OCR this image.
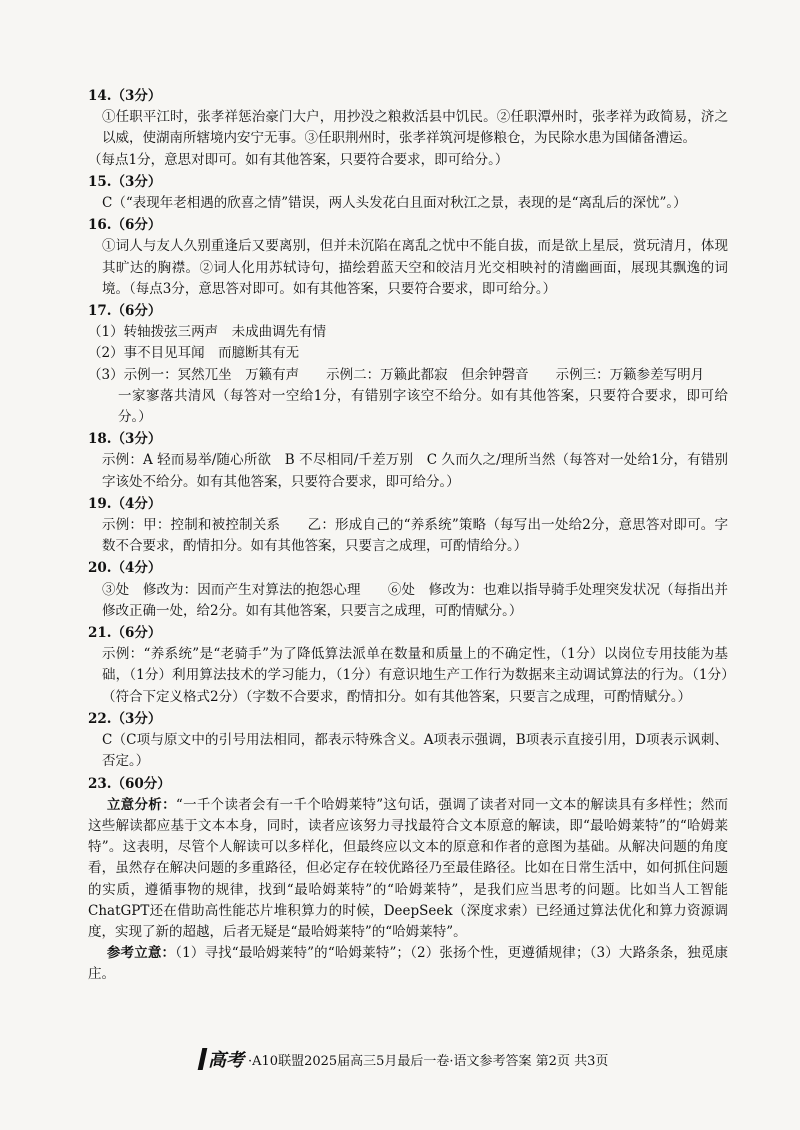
14.（3分）

①任职平江时，张孝祥惩治豪门大户，用抄没之粮救活县中饥民。②任职潭州时，张孝祥为政简易，济之以威，使湖南所辖境内安宁无事。③任职荆州时，张孝祥筑河堤修粮仓，为民除水患为国储备漕运。

（每点1分，意思对即可。如有其他答案，只要符合要求，即可给分。）

15.（3分）

C（“表现年老相遇的欣喜之情”错误，两人头发花白且面对秋江之景，表现的是“离乱后的深忧”。）

16.（6分）

①词人与友人久别重逢后又要离别，但并未沉陷在离乱之忧中不能自拔，而是欲上星辰，赏玩清月，体现其旷达的胸襟。②词人化用苏轼诗句，描绘碧蓝天空和皎洁月光交相映衬的清幽画面，展现其飘逸的词境。（每点3分，意思答对即可。如有其他答案，只要符合要求，即可给分。）

17.（6分）

（1）转轴拨弦三两声　未成曲调先有情

（2）事不目见耳闻　而臆断其有无

（3） 示例一：冥然兀坐　万籁有声　　示例二：万籁此都寂　但余钟磬音　　示例三：万籁参差写明月

一家寥落共清风（每答对一空给1分，有错别字该空不给分。如有其他答案，只要符合要求，即可给分。）

18.（3分）

示例：A 轻而易举/随心所欲　B 不尽相同/千差万别　C 久而久之/理所当然（每答对一处给1分，有错别字该处不给分。如有其他答案，只要符合要求，即可给分。）

19.（4分）

示例：甲：控制和被控制关系　　乙：形成自己的“养系统”策略（每写出一处给2分，意思答对即可。字数不合要求，酌情扣分。如有其他答案，只要言之成理，可酌情给分。）

20.（4分）

③处　修改为：因而产生对算法的抱怨心理　　⑥处　修改为：也难以指导骑手处理突发状况（每指出并修改正确一处，给2分。如有其他答案，只要言之成理，可酌情赋分。）

21.（6分）

示例：“养系统”是“老骑手”为了降低算法派单在数量和质量上的不确定性，（1分）以岗位专用技能为基础，（1分）利用算法技术的学习能力，（1分）有意识地生产工作行为数据来主动调试算法的行为。（1分）（符合下定义格式2分）（字数不合要求，酌情扣分。如有其他答案，只要言之成理，可酌情赋分。）

22.（3分）

C（C项与原文中的引号用法相同，都表示特殊含义。A项表示强调，B项表示直接引用，D项表示讽刺、否定。）

23.（60分）

立意分析：“一千个读者会有一千个哈姆莱特”这句话，强调了读者对同一文本的解读具有多样性；然而这些解读都应基于文本本身，同时，读者应该努力寻找最符合文本原意的解读，即“最哈姆莱特”的“哈姆莱特”。这表明，尽管个人解读可以多样化，但最终应以文本的原意和作者的意图为基础。从解决问题的角度看，虽然存在解决问题的多重路径，但必定存在较优路径乃至最佳路径。比如在日常生活中，如何抓住问题的实质，遵循事物的规律，找到“最哈姆莱特”的“哈姆莱特”，是我们应当思考的问题。比如当人工智能ChatGPT还在借助高性能芯片堆积算力的时候，DeepSeek（深度求索）已经通过算法优化和算力资源调度，实现了新的超越，后者无疑是“最哈姆莱特”的“哈姆莱特”。

参考立意：（1）寻找“最哈姆莱特”的“哈姆莱特”；（2）张扬个性，更遵循规律；（3）大路条条，独觅康庄。

高考 ·A10联盟2025届高三5月最后一卷·语文参考答案 第2页 共3页
